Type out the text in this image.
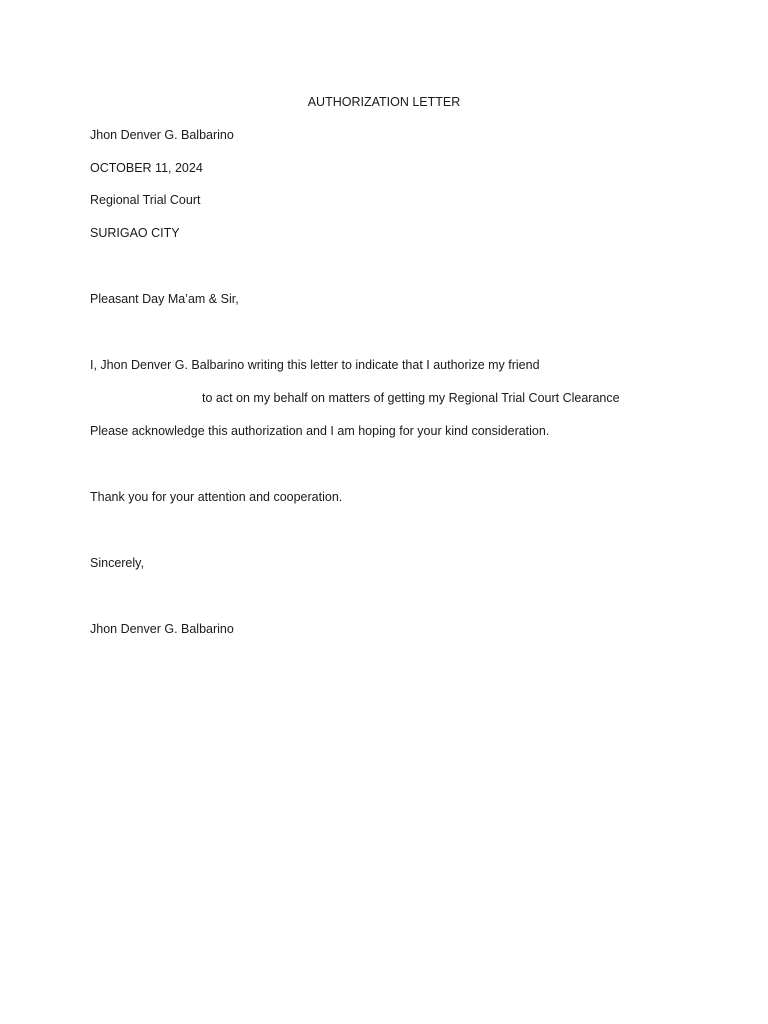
AUTHORIZATION LETTER
Jhon Denver G. Balbarino
OCTOBER 11, 2024
Regional Trial Court
SURIGAO CITY
Pleasant Day Ma’am & Sir,
I, Jhon Denver G. Balbarino writing this letter to indicate that I authorize my friend
to act on my behalf on matters of getting my Regional Trial Court Clearance
Please acknowledge this authorization and I am hoping for your kind consideration.
Thank you for your attention and cooperation.
Sincerely,
Jhon Denver G. Balbarino
